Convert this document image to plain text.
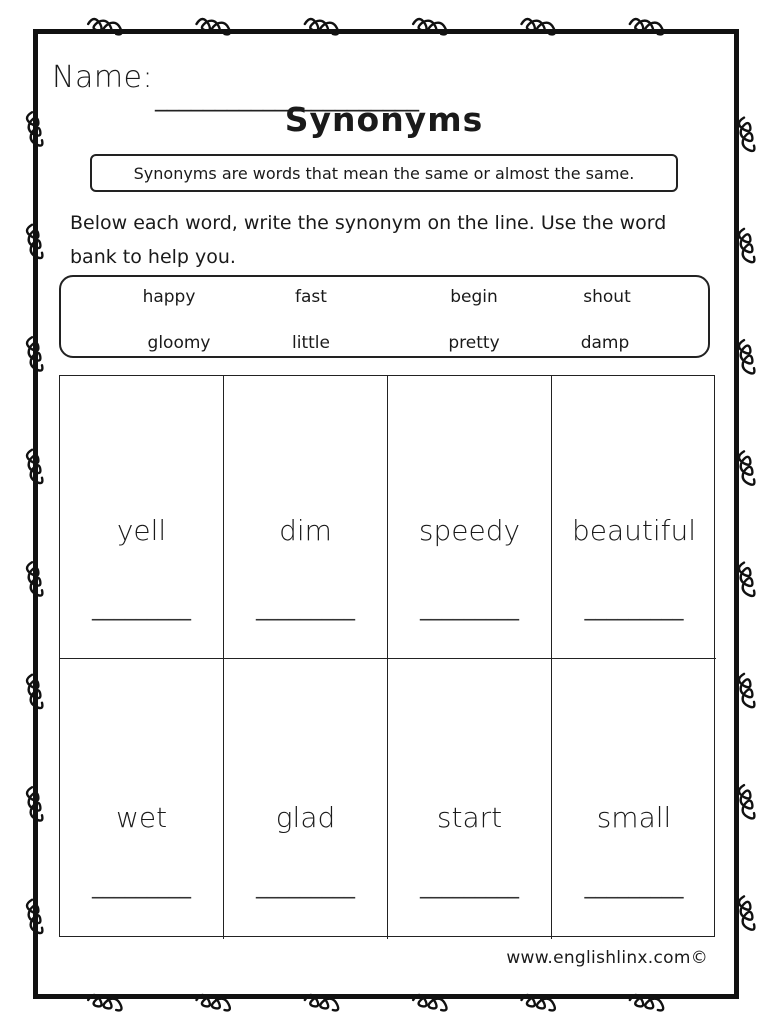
Name:
______________________
Synonyms
Synonyms are words that mean the same or almost the same.
Below each word, write the synonym on the line. Use the word bank to help you.
happy	fast	begin	shout
gloomy	little	pretty	damp
yell
_________
dim
_________
speedy
_________
beautiful
_________
wet
_________
glad
_________
start
_________
small
_________
www.englishlinx.com©
